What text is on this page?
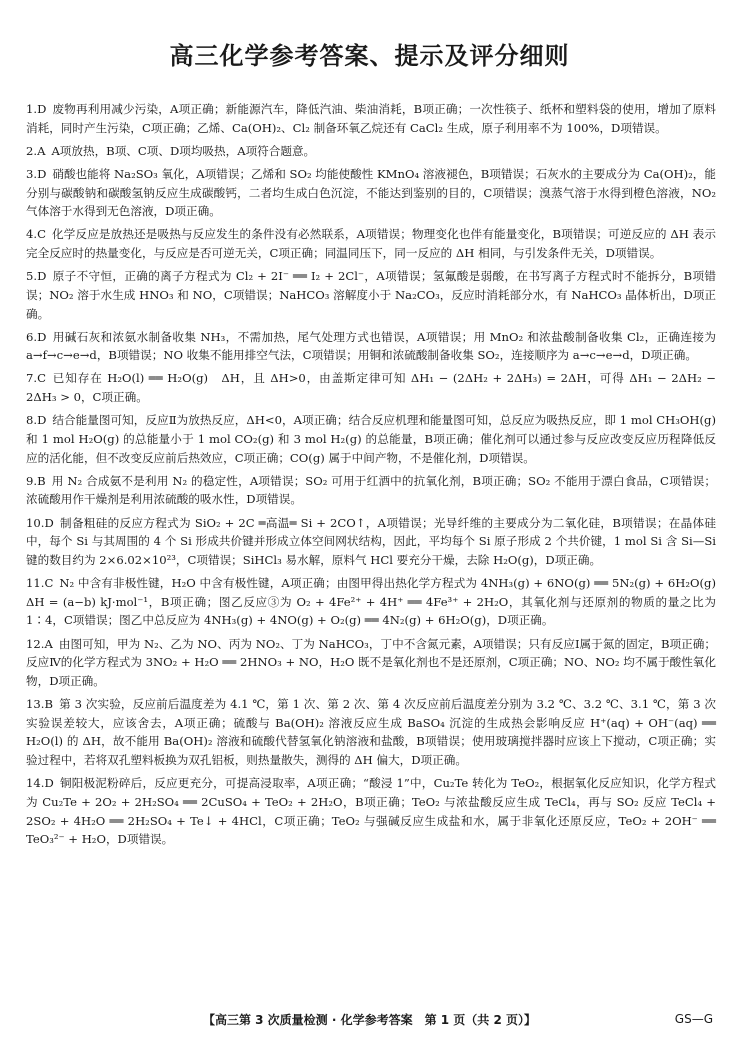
高三化学参考答案、提示及评分细则
1.D 废物再利用减少污染，A项正确；新能源汽车，降低汽油、柴油消耗，B项正确；一次性筷子、纸杯和塑料袋的使用，增加了原料消耗，同时产生污染，C项正确；乙烯、Ca(OH)₂、Cl₂ 制备环氧乙烷还有 CaCl₂ 生成，原子利用率不为 100%，D项错误。
2.A A项放热，B项、C项、D项均吸热，A项符合题意。
3.D 硝酸也能将 Na₂SO₃ 氧化，A项错误；乙烯和 SO₂ 均能使酸性 KMnO₄ 溶液褪色，B项错误；石灰水的主要成分为 Ca(OH)₂，能分别与碳酸钠和碳酸氢钠反应生成碳酸钙，二者均生成白色沉淀，不能达到鉴别的目的，C项错误；溴蒸气溶于水得到橙色溶液，NO₂ 气体溶于水得到无色溶液，D项正确。
4.C 化学反应是放热还是吸热与反应发生的条件没有必然联系，A项错误；物理变化也伴有能量变化，B项错误；可逆反应的 ΔH 表示完全反应时的热量变化，与反应是否可逆无关，C项正确；同温同压下，同一反应的 ΔH 相同，与引发条件无关，D项错误。
5.D 原子不守恒，正确的离子方程式为 Cl₂ + 2I⁻ ══ I₂ + 2Cl⁻，A项错误；氢氟酸是弱酸，在书写离子方程式时不能拆分，B项错误；NO₂ 溶于水生成 HNO₃ 和 NO，C项错误；NaHCO₃ 溶解度小于 Na₂CO₃，反应时消耗部分水，有 NaHCO₃ 晶体析出，D项正确。
6.D 用碱石灰和浓氨水制备收集 NH₃，不需加热，尾气处理方式也错误，A项错误；用 MnO₂ 和浓盐酸制备收集 Cl₂，正确连接为 a→f→c→e→d，B项错误；NO 收集不能用排空气法，C项错误；用铜和浓硫酸制备收集 SO₂，连接顺序为 a→c→e→d，D项正确。
7.C 已知存在 H₂O(l) ══ H₂O(g)　ΔH，且 ΔH>0，由盖斯定律可知 ΔH₁ − (2ΔH₂ + 2ΔH₃) = 2ΔH，可得 ΔH₁ − 2ΔH₂ − 2ΔH₃ > 0，C项正确。
8.D 结合能量图可知，反应Ⅱ为放热反应，ΔH<0，A项正确；结合反应机理和能量图可知，总反应为吸热反应，即 1 mol CH₃OH(g) 和 1 mol H₂O(g) 的总能量小于 1 mol CO₂(g) 和 3 mol H₂(g) 的总能量，B项正确；催化剂可以通过参与反应改变反应历程降低反应的活化能，但不改变反应前后热效应，C项正确；CO(g) 属于中间产物，不是催化剂，D项错误。
9.B 用 N₂ 合成氨不是利用 N₂ 的稳定性，A项错误；SO₂ 可用于红酒中的抗氧化剂，B项正确；SO₂ 不能用于漂白食品，C项错误；浓硫酸用作干燥剂是利用浓硫酸的吸水性，D项错误。
10.D 制备粗硅的反应方程式为 SiO₂ + 2C ═高温═ Si + 2CO↑，A项错误；光导纤维的主要成分为二氧化硅，B项错误；在晶体硅中，每个 Si 与其周围的 4 个 Si 形成共价键并形成立体空间网状结构，因此，平均每个 Si 原子形成 2 个共价键，1 mol Si 含 Si—Si 键的数目约为 2×6.02×10²³，C项错误；SiHCl₃ 易水解，原料气 HCl 要充分干燥，去除 H₂O(g)，D项正确。
11.C N₂ 中含有非极性键，H₂O 中含有极性键，A项正确；由图甲得出热化学方程式为 4NH₃(g) + 6NO(g) ══ 5N₂(g) + 6H₂O(g)　ΔH = (a−b) kJ·mol⁻¹，B项正确；图乙反应③为 O₂ + 4Fe²⁺ + 4H⁺ ══ 4Fe³⁺ + 2H₂O，其氧化剂与还原剂的物质的量之比为 1∶4，C项错误；图乙中总反应为 4NH₃(g) + 4NO(g) + O₂(g) ══ 4N₂(g) + 6H₂O(g)，D项正确。
12.A 由图可知，甲为 N₂、乙为 NO、丙为 NO₂、丁为 NaHCO₃，丁中不含氮元素，A项错误；只有反应Ⅰ属于氮的固定，B项正确；反应Ⅳ的化学方程式为 3NO₂ + H₂O ══ 2HNO₃ + NO，H₂O 既不是氧化剂也不是还原剂，C项正确；NO、NO₂ 均不属于酸性氧化物，D项正确。
13.B 第 3 次实验，反应前后温度差为 4.1 ℃，第 1 次、第 2 次、第 4 次反应前后温度差分别为 3.2 ℃、3.2 ℃、3.1 ℃，第 3 次实验误差较大，应该舍去，A项正确；硫酸与 Ba(OH)₂ 溶液反应生成 BaSO₄ 沉淀的生成热会影响反应 H⁺(aq) + OH⁻(aq) ══ H₂O(l) 的 ΔH，故不能用 Ba(OH)₂ 溶液和硫酸代替氢氧化钠溶液和盐酸，B项错误；使用玻璃搅拌器时应该上下搅动，C项正确；实验过程中，若将双孔塑料板换为双孔铝板，则热量散失，测得的 ΔH 偏大，D项正确。
14.D 铜阳极泥粉碎后，反应更充分，可提高浸取率，A项正确；“酸浸 1”中，Cu₂Te 转化为 TeO₂，根据氧化反应知识，化学方程式为 Cu₂Te + 2O₂ + 2H₂SO₄ ══ 2CuSO₄ + TeO₂ + 2H₂O，B项正确；TeO₂ 与浓盐酸反应生成 TeCl₄，再与 SO₂ 反应 TeCl₄ + 2SO₂ + 4H₂O ══ 2H₂SO₄ + Te↓ + 4HCl，C项正确；TeO₂ 与强碱反应生成盐和水，属于非氧化还原反应，TeO₂ + 2OH⁻ ══ TeO₃²⁻ + H₂O，D项错误。
【高三第 3 次质量检测 · 化学参考答案　第 1 页（共 2 页）】	GS—G
